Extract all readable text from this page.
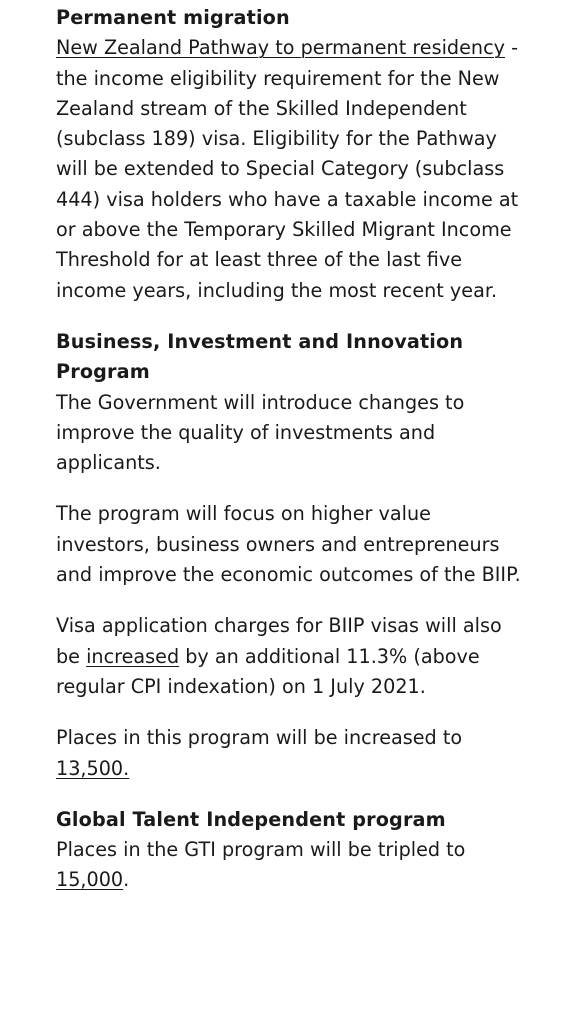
Permanent migration

New Zealand Pathway to permanent residency - the income eligibility requirement for the New Zealand stream of the Skilled Independent (subclass 189) visa. Eligibility for the Pathway will be extended to Special Category (subclass 444) visa holders who have a taxable income at or above the Temporary Skilled Migrant Income Threshold for at least three of the last five income years, including the most recent year.

Business, Investment and Innovation Program

The Government will introduce changes to improve the quality of investments and applicants.

The program will focus on higher value investors, business owners and entrepreneurs and improve the economic outcomes of the BIIP.

Visa application charges for BIIP visas will also be increased by an additional 11.3% (above regular CPI indexation) on 1 July 2021.

Places in this program will be increased to 13,500.

Global Talent Independent program

Places in the GTI program will be tripled to 15,000.
